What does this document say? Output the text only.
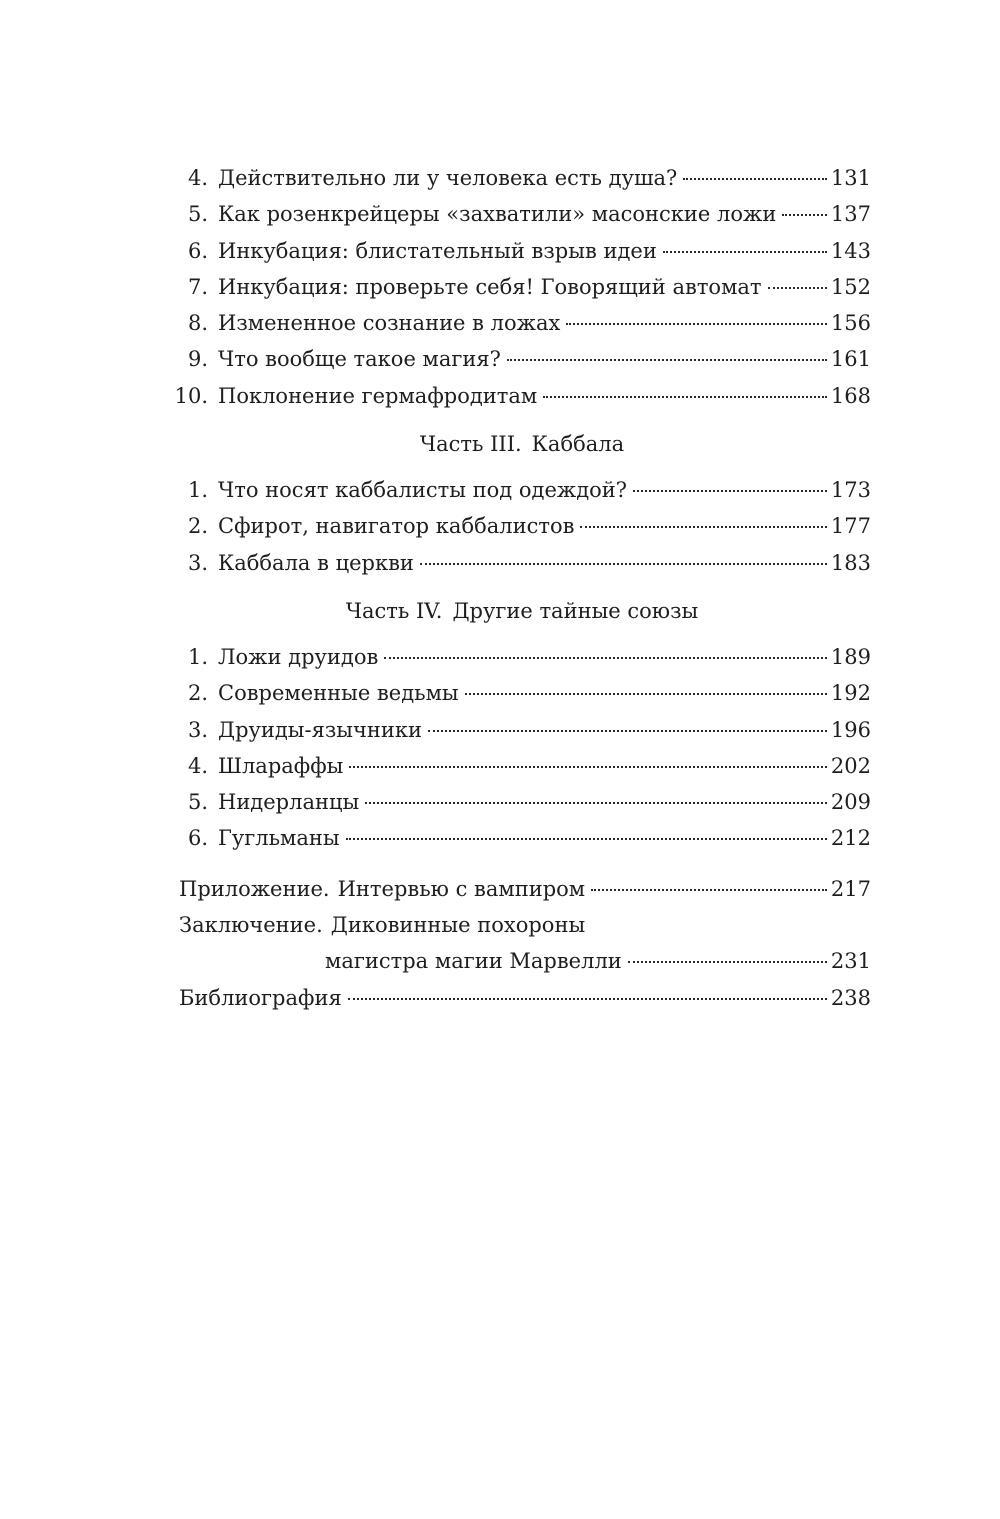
4. Действительно ли у человека есть душа?	131
5. Как розенкрейцеры «захватили» масонские ложи	137
6. Инкубация: блистательный взрыв идеи	143
7. Инкубация: проверьте себя! Говорящий автомат	152
8. Измененное сознание в ложах	156
9. Что вообще такое магия?	161
10. Поклонение гермафродитам	168
Часть III. Каббала
1. Что носят каббалисты под одеждой?	173
2. Сфирот, навигатор каббалистов	177
3. Каббала в церкви	183
Часть IV. Другие тайные союзы
1. Ложи друидов	189
2. Современные ведьмы	192
3. Друиды-язычники	196
4. Шлараффы	202
5. Нидерланцы	209
6. Гугльманы	212
Приложение. Интервью с вампиром	217
Заключение. Диковинные похороны
магистра магии Марвелли	231
Библиография	238
